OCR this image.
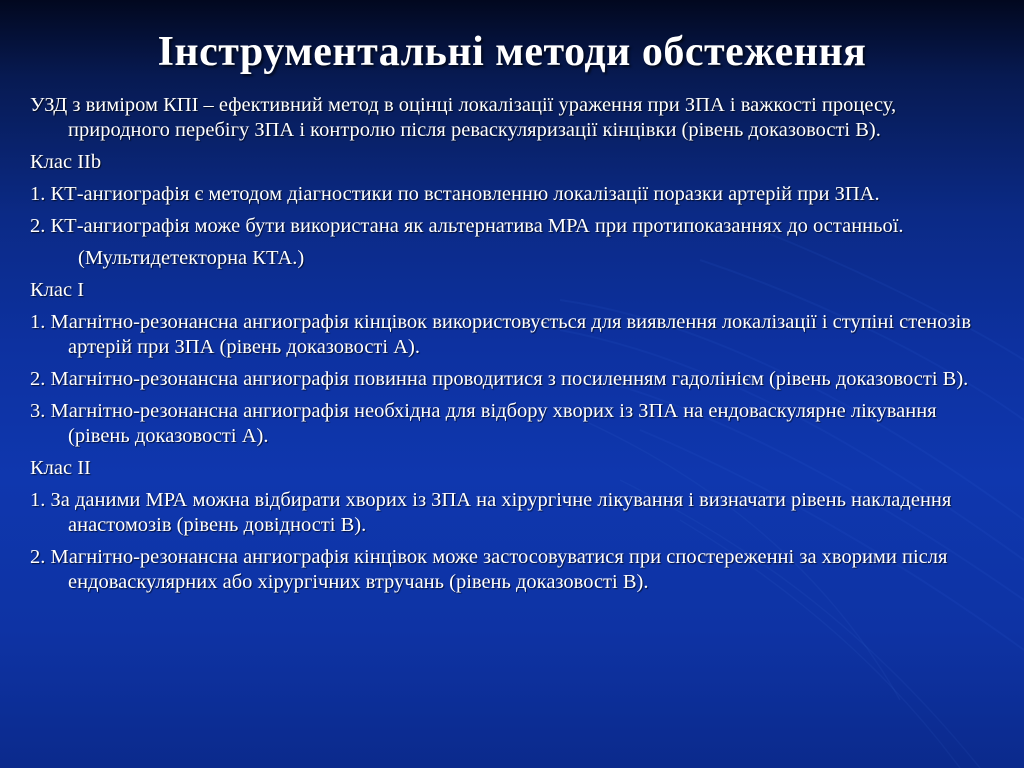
Інструментальні методи обстеження
УЗД з виміром КПІ – ефективний метод в оцінці локалізації ураження при ЗПА і важкості процесу, природного перебігу ЗПА і контролю після реваскуляризації кінцівки (рівень доказовості В).
Клас IIb
1. КТ-ангиографія є методом діагностики по встановленню локалізації поразки артерій при ЗПА.
2. КТ-ангиографія може бути використана як альтернатива МРА при протипоказаннях до останньої.
(Мультидетекторна КТА.)
Клас I
1. Магнітно-резонансна ангиографія кінцівок використовується для виявлення локалізації і ступіні стенозів артерій при ЗПА (рівень доказовості А).
2. Магнітно-резонансна ангиографія повинна проводитися з посиленням гадолінієм (рівень доказовості В).
3. Магнітно-резонансна ангиографія необхідна для відбору хворих із ЗПА на ендоваскулярне лікування (рівень доказовості А).
Клас II
1. За даними МРА можна відбирати хворих із ЗПА на хірургічне лікування і визначати рівень накладення анастомозів (рівень довідності В).
2. Магнітно-резонансна ангиографія кінцівок може застосовуватися при спостереженні за хворими після ендоваскулярних або хірургічних втручань (рівень доказовості В).
